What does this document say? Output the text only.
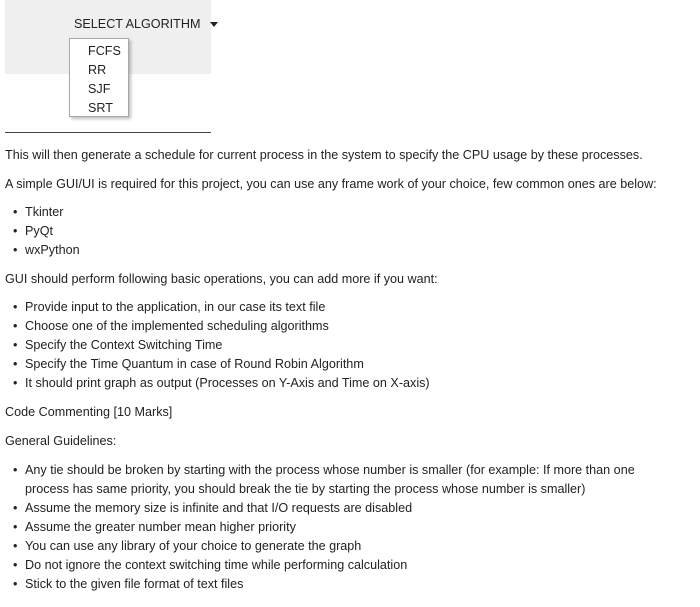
SELECT ALGORITHM
FCFS
RR
SJF
SRT
This will then generate a schedule for current process in the system to specify the CPU usage by these processes.
A simple GUI/UI is required for this project, you can use any frame work of your choice, few common ones are below:
• Tkinter
• PyQt
• wxPython
GUI should perform following basic operations, you can add more if you want:
• Provide input to the application, in our case its text file
• Choose one of the implemented scheduling algorithms
• Specify the Context Switching Time
• Specify the Time Quantum in case of Round Robin Algorithm
• It should print graph as output (Processes on Y-Axis and Time on X-axis)
Code Commenting [10 Marks]
General Guidelines:
• Any tie should be broken by starting with the process whose number is smaller (for example: If more than one process has same priority, you should break the tie by starting the process whose number is smaller)
• Assume the memory size is infinite and that I/O requests are disabled
• Assume the greater number mean higher priority
• You can use any library of your choice to generate the graph
• Do not ignore the context switching time while performing calculation
• Stick to the given file format of text files
